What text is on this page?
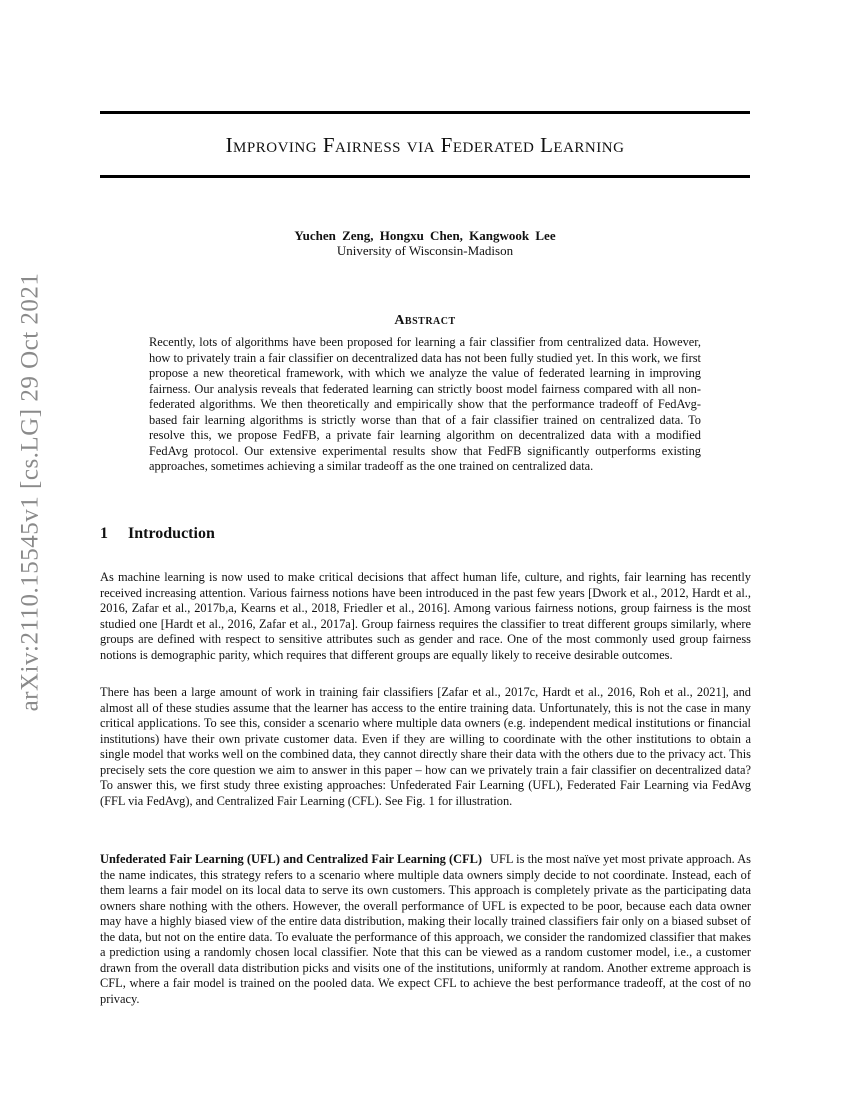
arXiv:2110.15545v1 [cs.LG] 29 Oct 2021
Improving Fairness via Federated Learning
Yuchen Zeng, Hongxu Chen, Kangwook Lee
University of Wisconsin-Madison
Abstract

Recently, lots of algorithms have been proposed for learning a fair classifier from centralized data. However, how to privately train a fair classifier on decentralized data has not been fully studied yet. In this work, we first propose a new theoretical framework, with which we analyze the value of federated learning in improving fairness. Our analysis reveals that federated learning can strictly boost model fairness compared with all non-federated algorithms. We then theoretically and empirically show that the performance tradeoff of FedAvg-based fair learning algorithms is strictly worse than that of a fair classifier trained on centralized data. To resolve this, we propose FedFB, a private fair learning algorithm on decentralized data with a modified FedAvg protocol. Our extensive experimental results show that FedFB significantly outperforms existing approaches, sometimes achieving a similar tradeoff as the one trained on centralized data.

1 Introduction

As machine learning is now used to make critical decisions that affect human life, culture, and rights, fair learning has recently received increasing attention. Various fairness notions have been introduced in the past few years [Dwork et al., 2012, Hardt et al., 2016, Zafar et al., 2017b,a, Kearns et al., 2018, Friedler et al., 2016]. Among various fairness notions, group fairness is the most studied one [Hardt et al., 2016, Zafar et al., 2017a]. Group fairness requires the classifier to treat different groups similarly, where groups are defined with respect to sensitive attributes such as gender and race. One of the most commonly used group fairness notions is demographic parity, which requires that different groups are equally likely to receive desirable outcomes.

There has been a large amount of work in training fair classifiers [Zafar et al., 2017c, Hardt et al., 2016, Roh et al., 2021], and almost all of these studies assume that the learner has access to the entire training data. Unfortunately, this is not the case in many critical applications. To see this, consider a scenario where multiple data owners (e.g. independent medical institutions or financial institutions) have their own private customer data. Even if they are willing to coordinate with the other institutions to obtain a single model that works well on the combined data, they cannot directly share their data with the others due to the privacy act. This precisely sets the core question we aim to answer in this paper – how can we privately train a fair classifier on decentralized data? To answer this, we first study three existing approaches: Unfederated Fair Learning (UFL), Federated Fair Learning via FedAvg (FFL via FedAvg), and Centralized Fair Learning (CFL). See Fig. 1 for illustration.

Unfederated Fair Learning (UFL) and Centralized Fair Learning (CFL) UFL is the most naïve yet most private approach. As the name indicates, this strategy refers to a scenario where multiple data owners simply decide to not coordinate. Instead, each of them learns a fair model on its local data to serve its own customers. This approach is completely private as the participating data owners share nothing with the others. However, the overall performance of UFL is expected to be poor, because each data owner may have a highly biased view of the entire data distribution, making their locally trained classifiers fair only on a biased subset of the data, but not on the entire data. To evaluate the performance of this approach, we consider the randomized classifier that makes a prediction using a randomly chosen local classifier. Note that this can be viewed as a random customer model, i.e., a customer drawn from the overall data distribution picks and visits one of the institutions, uniformly at random. Another extreme approach is CFL, where a fair model is trained on the pooled data. We expect CFL to achieve the best performance tradeoff, at the cost of no privacy.
